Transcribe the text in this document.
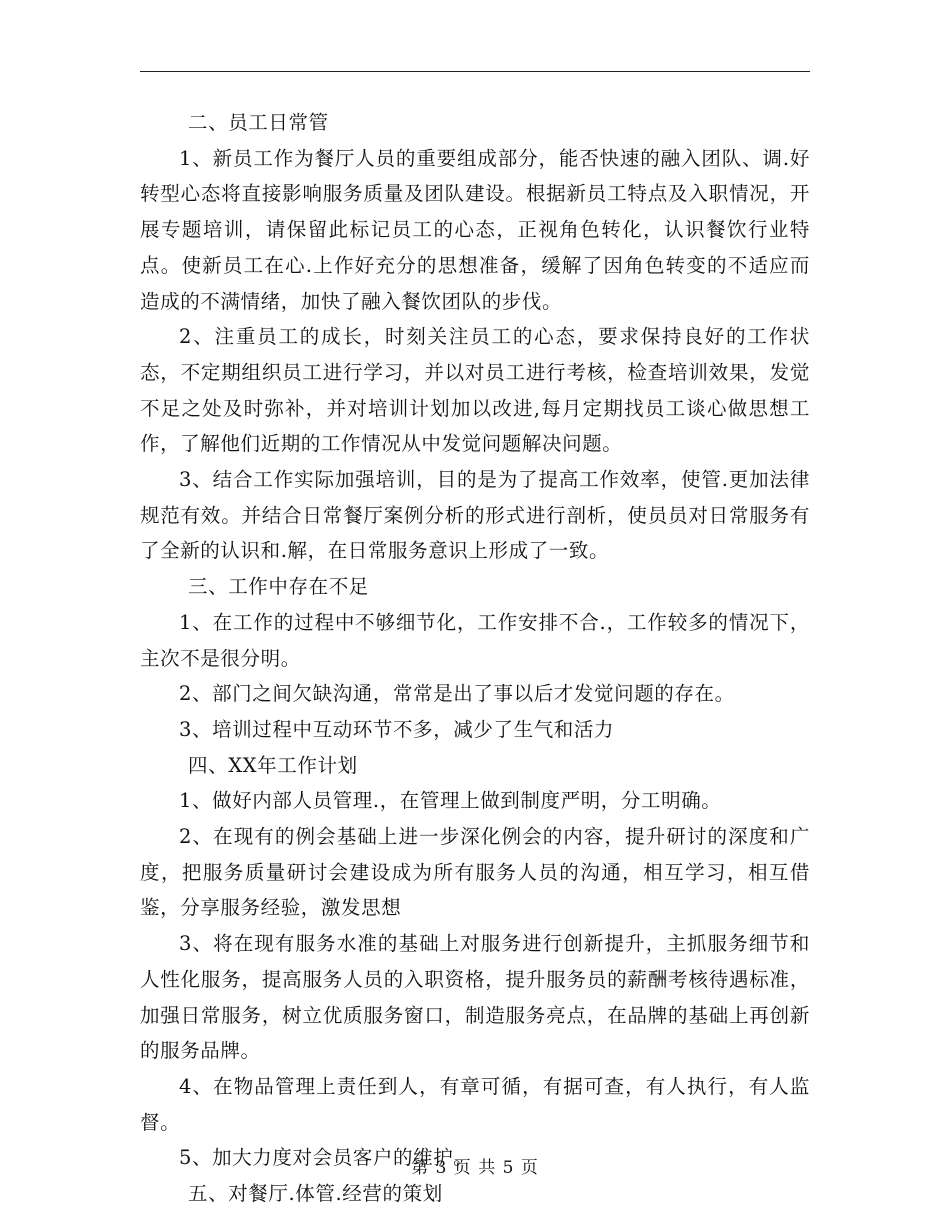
二、员工日常管

1、新员工作为餐厅人员的重要组成部分，能否快速的融入团队、调.好转型心态将直接影响服务质量及团队建设。根据新员工特点及入职情况，开展专题培训，请保留此标记员工的心态，正视角色转化，认识餐饮行业特点。使新员工在心.上作好充分的思想准备，缓解了因角色转变的不适应而造成的不满情绪，加快了融入餐饮团队的步伐。

2、注重员工的成长，时刻关注员工的心态，要求保持良好的工作状态，不定期组织员工进行学习，并以对员工进行考核，检查培训效果，发觉不足之处及时弥补，并对培训计划加以改进,每月定期找员工谈心做思想工作，了解他们近期的工作情况从中发觉问题解决问题。

3、结合工作实际加强培训，目的是为了提高工作效率，使管.更加法律规范有效。并结合日常餐厅案例分析的形式进行剖析，使员员对日常服务有了全新的认识和.解，在日常服务意识上形成了一致。

三、工作中存在不足

1、在工作的过程中不够细节化，工作安排不合.，工作较多的情况下，主次不是很分明。

2、部门之间欠缺沟通，常常是出了事以后才发觉问题的存在。

3、培训过程中互动环节不多，减少了生气和活力

四、XX年工作计划

1、做好内部人员管理.，在管理上做到制度严明，分工明确。

2、在现有的例会基础上进一步深化例会的内容，提升研讨的深度和广度，把服务质量研讨会建设成为所有服务人员的沟通，相互学习，相互借鉴，分享服务经验，激发思想

3、将在现有服务水准的基础上对服务进行创新提升，主抓服务细节和人性化服务，提高服务人员的入职资格，提升服务员的薪酬考核待遇标准，加强日常服务，树立优质服务窗口，制造服务亮点，在品牌的基础上再创新的服务品牌。

4、在物品管理上责任到人，有章可循，有据可查，有人执行，有人监督。

5、加大力度对会员客户的维护。

五、对餐厅.体管.经营的策划

第 3 页 共 5 页
